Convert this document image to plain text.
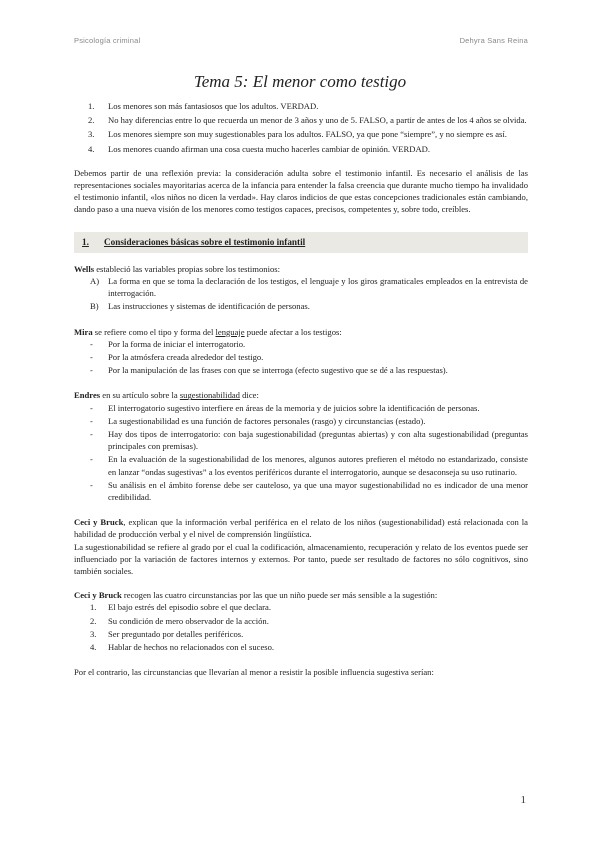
Psicología criminal	Dehyra Sans Reina
Tema 5: El menor como testigo
1. Los menores son más fantasiosos que los adultos. VERDAD.
2. No hay diferencias entre lo que recuerda un menor de 3 años y uno de 5. FALSO, a partir de antes de los 4 años se olvida.
3. Los menores siempre son muy sugestionables para los adultos. FALSO, ya que pone “siempre”, y no siempre es así.
4. Los menores cuando afirman una cosa cuesta mucho hacerles cambiar de opinión. VERDAD.

Debemos partir de una reflexión previa: la consideración adulta sobre el testimonio infantil. Es necesario el análisis de las representaciones sociales mayoritarias acerca de la infancia para entender la falsa creencia que durante mucho tiempo ha invalidado el testimonio infantil, «los niños no dicen la verdad». Hay claros indicios de que estas concepciones tradicionales están cambiando, dando paso a una nueva visión de los menores como testigos capaces, precisos, competentes y, sobre todo, creíbles.

1. Consideraciones básicas sobre el testimonio infantil

Wells estableció las variables propias sobre los testimonios:

A) La forma en que se toma la declaración de los testigos, el lenguaje y los giros gramaticales empleados en la entrevista de interrogación.
B) Las instrucciones y sistemas de identificación de personas.

Mira se refiere como el tipo y forma del lenguaje puede afectar a los testigos:

- Por la forma de iniciar el interrogatorio.
- Por la atmósfera creada alrededor del testigo.
- Por la manipulación de las frases con que se interroga (efecto sugestivo que se dé a las respuestas).

Endres en su artículo sobre la sugestionabilidad dice:

- El interrogatorio sugestivo interfiere en áreas de la memoria y de juicios sobre la identificación de personas.
- La sugestionabilidad es una función de factores personales (rasgo) y circunstancias (estado).
- Hay dos tipos de interrogatorio: con baja sugestionabilidad (preguntas abiertas) y con alta sugestionabilidad (preguntas principales con premisas).
- En la evaluación de la sugestionabilidad de los menores, algunos autores prefieren el método no estandarizado, consiste en lanzar “ondas sugestivas” a los eventos periféricos durante el interrogatorio, aunque se desaconseja su uso rutinario.
- Su análisis en el ámbito forense debe ser cauteloso, ya que una mayor sugestionabilidad no es indicador de una menor credibilidad.

Ceci y Bruck, explican que la información verbal periférica en el relato de los niños (sugestionabilidad) está relacionada con la habilidad de producción verbal y el nivel de comprensión lingüística.

La sugestionabilidad se refiere al grado por el cual la codificación, almacenamiento, recuperación y relato de los eventos puede ser influenciado por la variación de factores internos y externos. Por tanto, puede ser resultado de factores no sólo cognitivos, sino también sociales.

Ceci y Bruck recogen las cuatro circunstancias por las que un niño puede ser más sensible a la sugestión:

1. El bajo estrés del episodio sobre el que declara.
2. Su condición de mero observador de la acción.
3. Ser preguntado por detalles periféricos.
4. Hablar de hechos no relacionados con el suceso.

Por el contrario, las circunstancias que llevarían al menor a resistir la posible influencia sugestiva serían:

1
